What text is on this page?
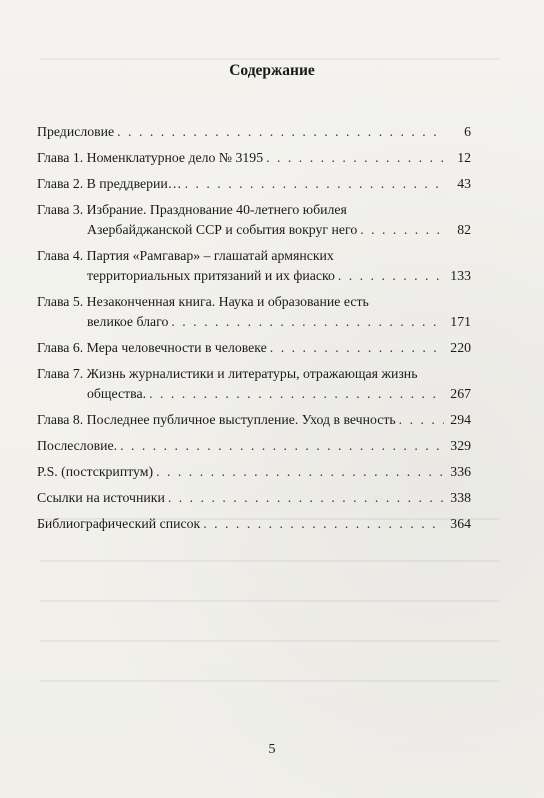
Содержание
Предисловие . . .	6
Глава 1. Номенклатурное дело № 3195 . . .	12
Глава 2. В преддверии… . . .	43
Глава 3. Избрание. Празднование 40-летнего юбилея
Азербайджанской ССР и события вокруг него . . .	82
Глава 4. Партия «Рамгавар» – глашатай армянских
территориальных притязаний и их фиаско . . .	133
Глава 5. Незаконченная книга. Наука и образование есть
великое благо . . .	171
Глава 6. Мера человечности в человеке . . .	220
Глава 7. Жизнь журналистики и литературы, отражающая жизнь
общества. . . .	267
Глава 8. Последнее публичное выступление. Уход в вечность . . .	294
Послесловие. . . .	329
P.S. (постскриптум) . . .	336
Ссылки на источники . . .	338
Библиографический список . . .	364
5
